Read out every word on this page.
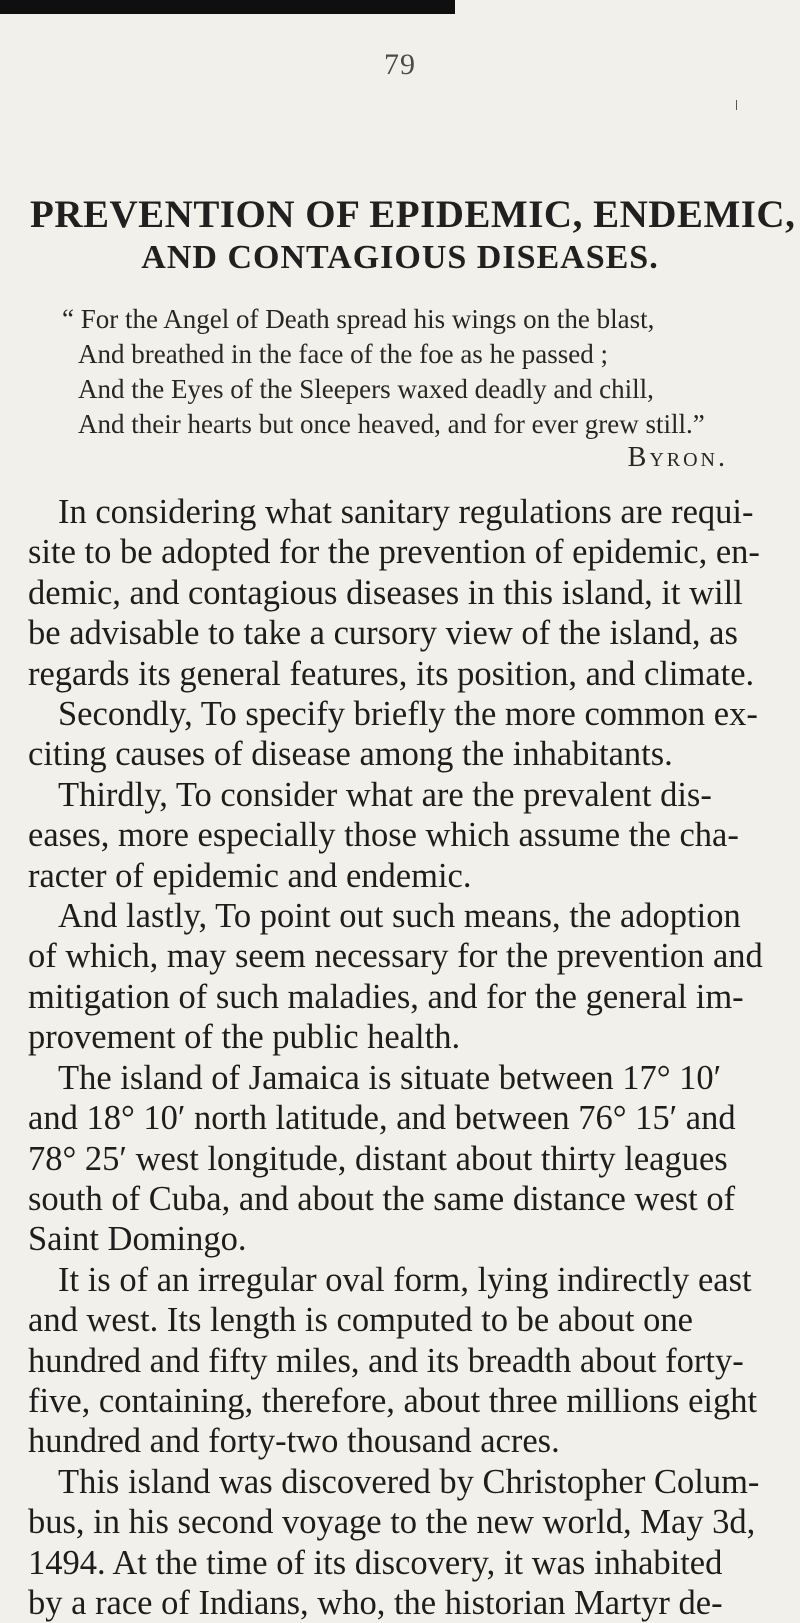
79
PREVENTION OF EPIDEMIC, ENDEMIC,
AND CONTAGIOUS DISEASES.
“ For the Angel of Death spread his wings on the blast,
And breathed in the face of the foe as he passed ;
And the Eyes of the Sleepers waxed deadly and chill,
And their hearts but once heaved, and for ever grew still.”
Byron.
In considering what sanitary regulations are requi-
site to be adopted for the prevention of epidemic, en-
demic, and contagious diseases in this island, it will
be advisable to take a cursory view of the island, as
regards its general features, its position, and climate.
Secondly, To specify briefly the more common ex-
citing causes of disease among the inhabitants.
Thirdly, To consider what are the prevalent dis-
eases, more especially those which assume the cha-
racter of epidemic and endemic.
And lastly, To point out such means, the adoption
of which, may seem necessary for the prevention and
mitigation of such maladies, and for the general im-
provement of the public health.
The island of Jamaica is situate between 17° 10′
and 18° 10′ north latitude, and between 76° 15′ and
78° 25′ west longitude, distant about thirty leagues
south of Cuba, and about the same distance west of
Saint Domingo.
It is of an irregular oval form, lying indirectly east
and west. Its length is computed to be about one
hundred and fifty miles, and its breadth about forty-
five, containing, therefore, about three millions eight
hundred and forty-two thousand acres.
This island was discovered by Christopher Colum-
bus, in his second voyage to the new world, May 3d,
1494. At the time of its discovery, it was inhabited
by a race of Indians, who, the historian Martyr de-
